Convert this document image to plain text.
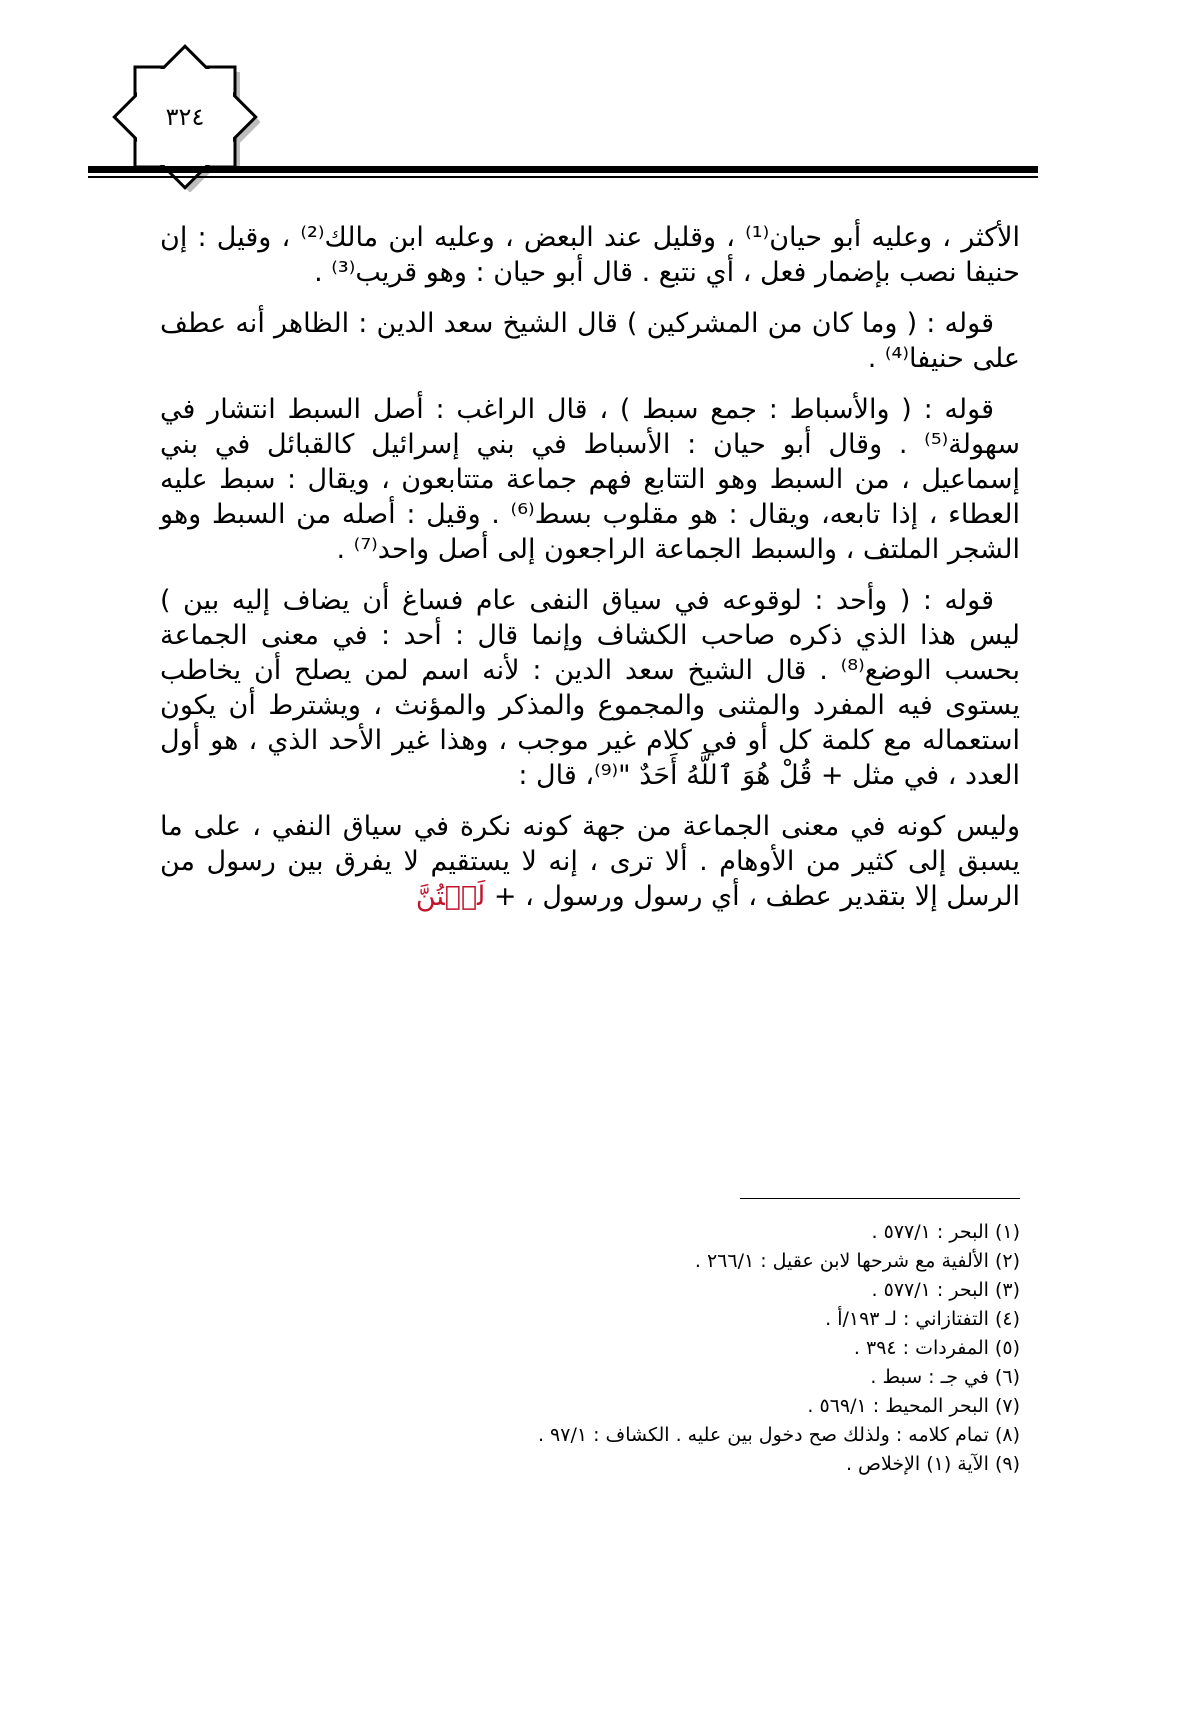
٣٢٤

الأكثر ، وعليه أبو حيان⁽¹⁾ ، وقليل عند البعض ، وعليه ابن مالك⁽²⁾ ، وقيل : إن حنيفا نصب بإضمار فعل ، أي نتبع . قال أبو حيان : وهو قريب⁽³⁾ .

قوله : ( وما كان من المشركين ) قال الشيخ سعد الدين : الظاهر أنه عطف على حنيفا⁽⁴⁾ .

قوله : ( والأسباط : جمع سبط ) ، قال الراغب : أصل السبط انتشار في سهولة⁽⁵⁾ . وقال أبو حيان : الأسباط في بني إسرائيل كالقبائل في بني إسماعيل ، من السبط وهو التتابع فهم جماعة متتابعون ، ويقال : سبط عليه العطاء ، إذا تابعه، ويقال : هو مقلوب بسط⁽⁶⁾ . وقيل : أصله من السبط وهو الشجر الملتف ، والسبط الجماعة الراجعون إلى أصل واحد⁽⁷⁾ .

قوله : ( وأحد : لوقوعه في سياق النفى عام فساغ أن يضاف إليه بين ) ليس هذا الذي ذكره صاحب الكشاف وإنما قال : أحد : في معنى الجماعة بحسب الوضع⁽⁸⁾ . قال الشيخ سعد الدين : لأنه اسم لمن يصلح أن يخاطب يستوى فيه المفرد والمثنى والمجموع والمذكر والمؤنث ، ويشترط أن يكون استعماله مع كلمة كل أو في كلام غير موجب ، وهذا غير الأحد الذي ، هو أول العدد ، في مثل + قُلْ هُوَ ٱللَّهُ أَحَدٌ "⁽⁹⁾، قال :

وليس كونه في معنى الجماعة من جهة كونه نكرة في سياق النفي ، على ما يسبق إلى كثير من الأوهام . ألا ترى ، إنه لا يستقيم لا يفرق بين رسول من الرسل إلا بتقدير عطف ، أي رسول ورسول ، + لَسۡتُنَّ

(١) البحر : ٥٧٧/١ .

(٢) الألفية مع شرحها لابن عقيل : ٢٦٦/١ .

(٣) البحر : ٥٧٧/١ .

(٤) التفتازاني : لـ ١٩٣/أ .

(٥) المفردات : ٣٩٤ .

(٦) في جـ : سبط .

(٧) البحر المحيط : ٥٦٩/١ .

(٨) تمام كلامه : ولذلك صح دخول بين عليه . الكشاف : ٩٧/١ .

(٩) الآية (١) الإخلاص .
